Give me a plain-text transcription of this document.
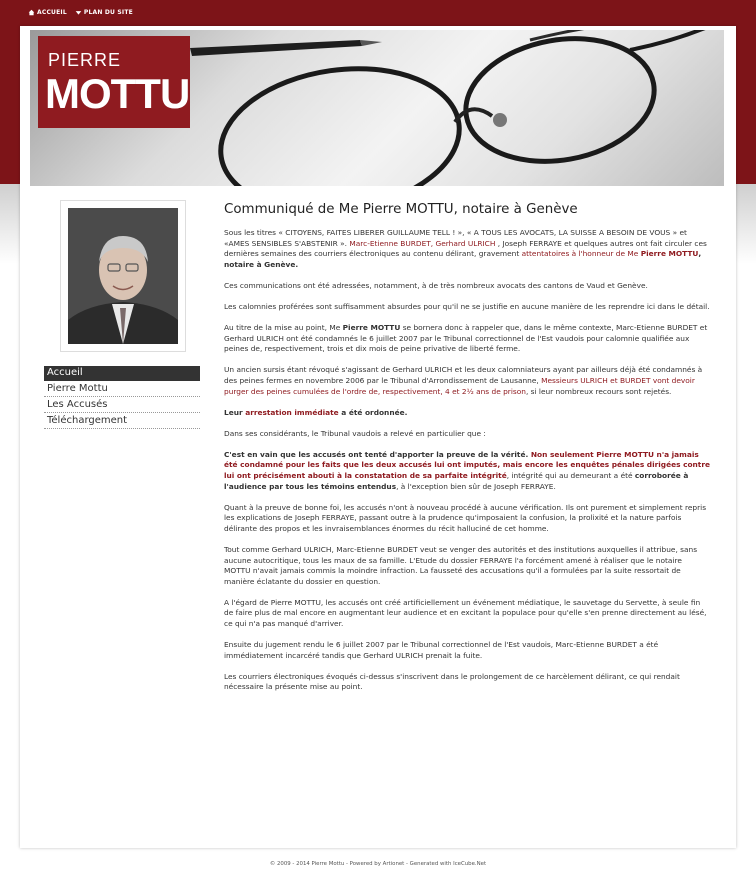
ACCUEIL	PLAN DU SITE
PIERRE
MOTTU
Accueil
Pierre Mottu
Les Accusés
Téléchargement
Communiqué de Me Pierre MOTTU, notaire à Genève

Sous les titres « CITOYENS, FAITES LIBERER GUILLAUME TELL ! », « A TOUS LES AVOCATS, LA SUISSE A BESOIN DE VOUS » et «AMES SENSIBLES S'ABSTENIR ». Marc-Etienne BURDET, Gerhard ULRICH , Joseph FERRAYE et quelques autres ont fait circuler ces dernières semaines des courriers électroniques au contenu délirant, gravement attentatoires à l'honneur de Me Pierre MOTTU, notaire à Genève.

Ces communications ont été adressées, notamment, à de très nombreux avocats des cantons de Vaud et Genève.

Les calomnies proférées sont suffisamment absurdes pour qu'il ne se justifie en aucune manière de les reprendre ici dans le détail.

Au titre de la mise au point, Me Pierre MOTTU se bornera donc à rappeler que, dans le même contexte, Marc-Etienne BURDET et Gerhard ULRICH ont été condamnés le 6 juillet 2007 par le Tribunal correctionnel de l'Est vaudois pour calomnie qualifiée aux peines de, respectivement, trois et dix mois de peine privative de liberté ferme.

Un ancien sursis étant révoqué s'agissant de Gerhard ULRICH et les deux calomniateurs ayant par ailleurs déjà été condamnés à des peines fermes en novembre 2006 par le Tribunal d'Arrondissement de Lausanne, Messieurs ULRICH et BURDET vont devoir purger des peines cumulées de l'ordre de, respectivement, 4 et 2½ ans de prison, si leur nombreux recours sont rejetés.

Leur arrestation immédiate a été ordonnée.

Dans ses considérants, le Tribunal vaudois a relevé en particulier que :

C'est en vain que les accusés ont tenté d'apporter la preuve de la vérité. Non seulement Pierre MOTTU n'a jamais été condamné pour les faits que les deux accusés lui ont imputés, mais encore les enquêtes pénales dirigées contre lui ont précisément abouti à la constatation de sa parfaite intégrité, intégrité qui au demeurant a été corroborée à l'audience par tous les témoins entendus, à l'exception bien sûr de Joseph FERRAYE.

Quant à la preuve de bonne foi, les accusés n'ont à nouveau procédé à aucune vérification. Ils ont purement et simplement repris les explications de Joseph FERRAYE, passant outre à la prudence qu'imposaient la confusion, la prolixité et la nature parfois délirante des propos et les invraisemblances énormes du récit halluciné de cet homme.

Tout comme Gerhard ULRICH, Marc-Etienne BURDET veut se venger des autorités et des institutions auxquelles il attribue, sans aucune autocritique, tous les maux de sa famille. L'Etude du dossier FERRAYE l'a forcément amené à réaliser que le notaire MOTTU n'avait jamais commis la moindre infraction. La fausseté des accusations qu'il a formulées par la suite ressortait de manière éclatante du dossier en question.

A l'égard de Pierre MOTTU, les accusés ont créé artificiellement un événement médiatique, le sauvetage du Servette, à seule fin de faire plus de mal encore en augmentant leur audience et en excitant la populace pour qu'elle s'en prenne directement au lésé, ce qui n'a pas manqué d'arriver.

Ensuite du jugement rendu le 6 juillet 2007 par le Tribunal correctionnel de l'Est vaudois, Marc-Etienne BURDET a été immédiatement incarcéré tandis que Gerhard ULRICH prenait la fuite.

Les courriers électroniques évoqués ci-dessus s'inscrivent dans le prolongement de ce harcèlement délirant, ce qui rendait nécessaire la présente mise au point.

© 2009 - 2014 Pierre Mottu - Powered by Artionet - Generated with IceCube.Net
